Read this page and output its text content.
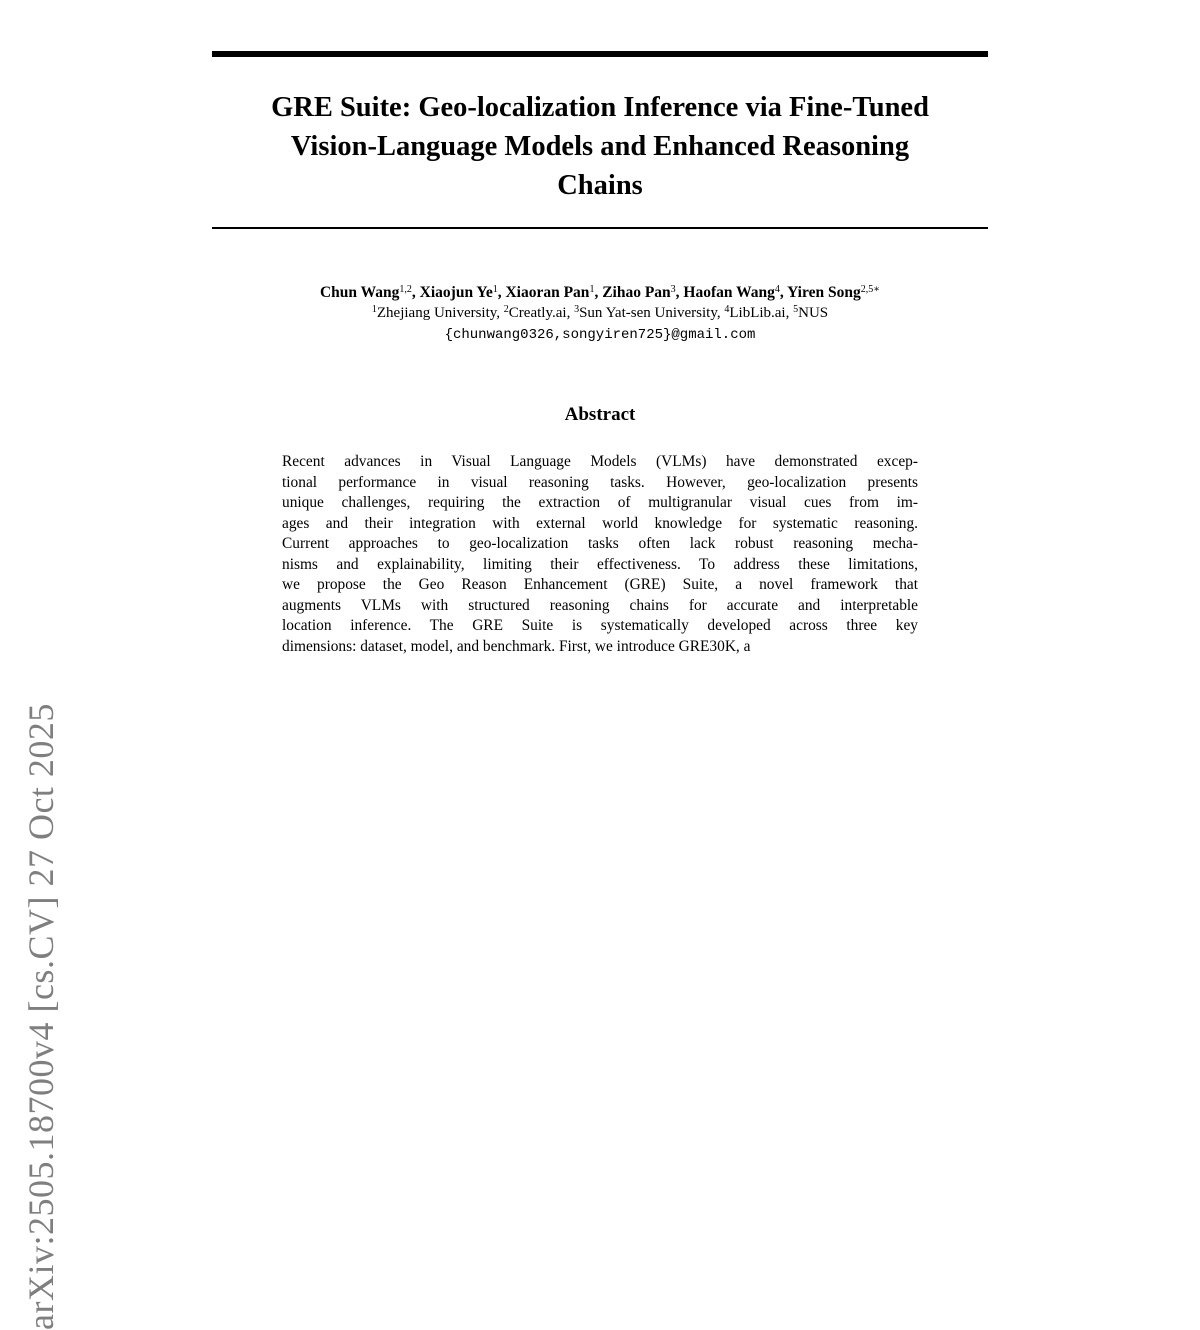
arXiv:2505.18700v4 [cs.CV] 27 Oct 2025
GRE Suite: Geo-localization Inference via Fine-Tuned
Vision-Language Models and Enhanced Reasoning
Chains
Chun Wang$^{1,2}$, Xiaojun Ye$^1$, Xiaoran Pan$^1$, Zihao Pan$^3$, Haofan Wang$^4$, Yiren Song$^{2,5∗}$
$^1$Zhejiang University, $^2$Creatly.ai, $^3$Sun Yat-sen University, $^4$LibLib.ai, $^5$NUS
{chunwang0326,songyiren725}@gmail.com
Abstract
Recent advances in Visual Language Models (VLMs) have demonstrated excep-
tional performance in visual reasoning tasks. However, geo-localization presents
unique challenges, requiring the extraction of multigranular visual cues from im-
ages and their integration with external world knowledge for systematic reasoning.
Current approaches to geo-localization tasks often lack robust reasoning mecha-
nisms and explainability, limiting their effectiveness. To address these limitations,
we propose the Geo Reason Enhancement (GRE) Suite, a novel framework that
augments VLMs with structured reasoning chains for accurate and interpretable
location inference. The GRE Suite is systematically developed across three key
dimensions: dataset, model, and benchmark. First, we introduce GRE30K, a
